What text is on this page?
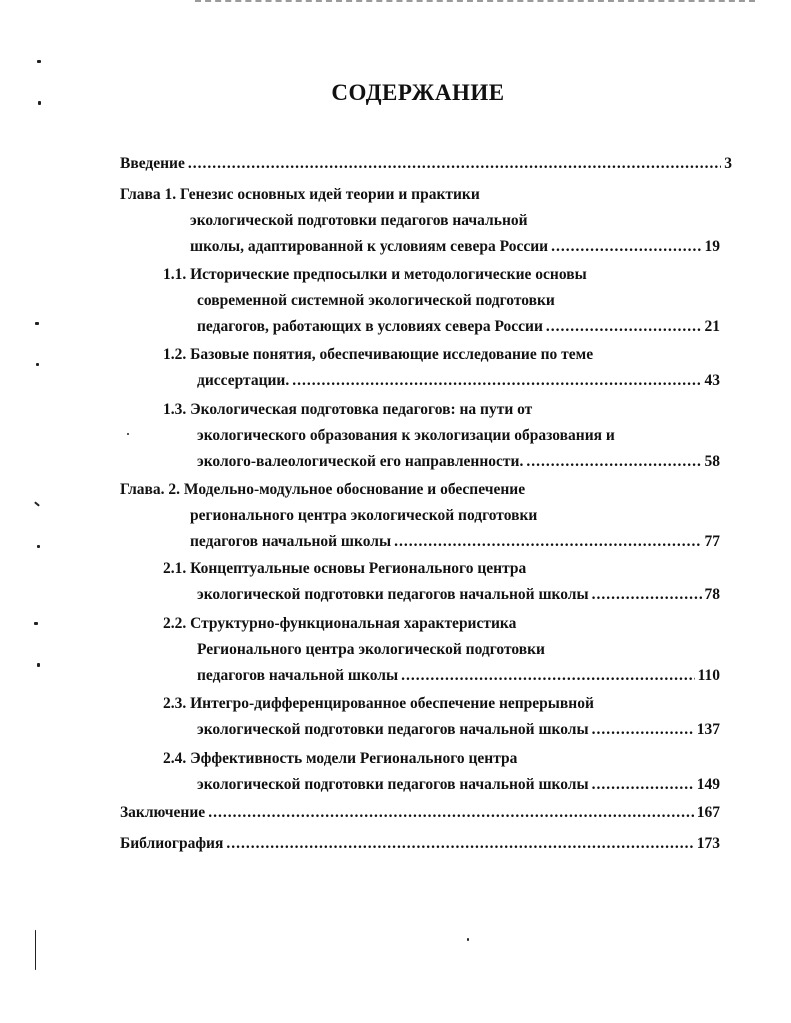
СОДЕРЖАНИЕ
Введение .....	3
Глава 1. Генезис основных идей теории и практики
экологической подготовки педагогов начальной
школы, адаптированной к условиям севера России .....	19
1.1. Исторические предпосылки и методологические основы
современной системной экологической подготовки
педагогов, работающих в условиях севера России .....	21
1.2. Базовые понятия, обеспечивающие исследование по теме
диссертации. .....	43
1.3. Экологическая подготовка педагогов: на пути от
экологического образования к экологизации образования и
эколого-валеологической его направленности. .....	58
Глава. 2. Модельно-модульное обоснование и обеспечение
регионального центра экологической подготовки
педагогов начальной школы .....	77
2.1. Концептуальные основы Регионального центра
экологической подготовки педагогов начальной школы .....	78
2.2. Структурно-функциональная характеристика
Регионального центра экологической подготовки
педагогов начальной школы .....	110
2.3. Интегро-дифференцированное обеспечение непрерывной
экологической подготовки педагогов начальной школы .....	137
2.4. Эффективность модели Регионального центра
экологической подготовки педагогов начальной школы .....	149
Заключение .....	167
Библиография .....	173
